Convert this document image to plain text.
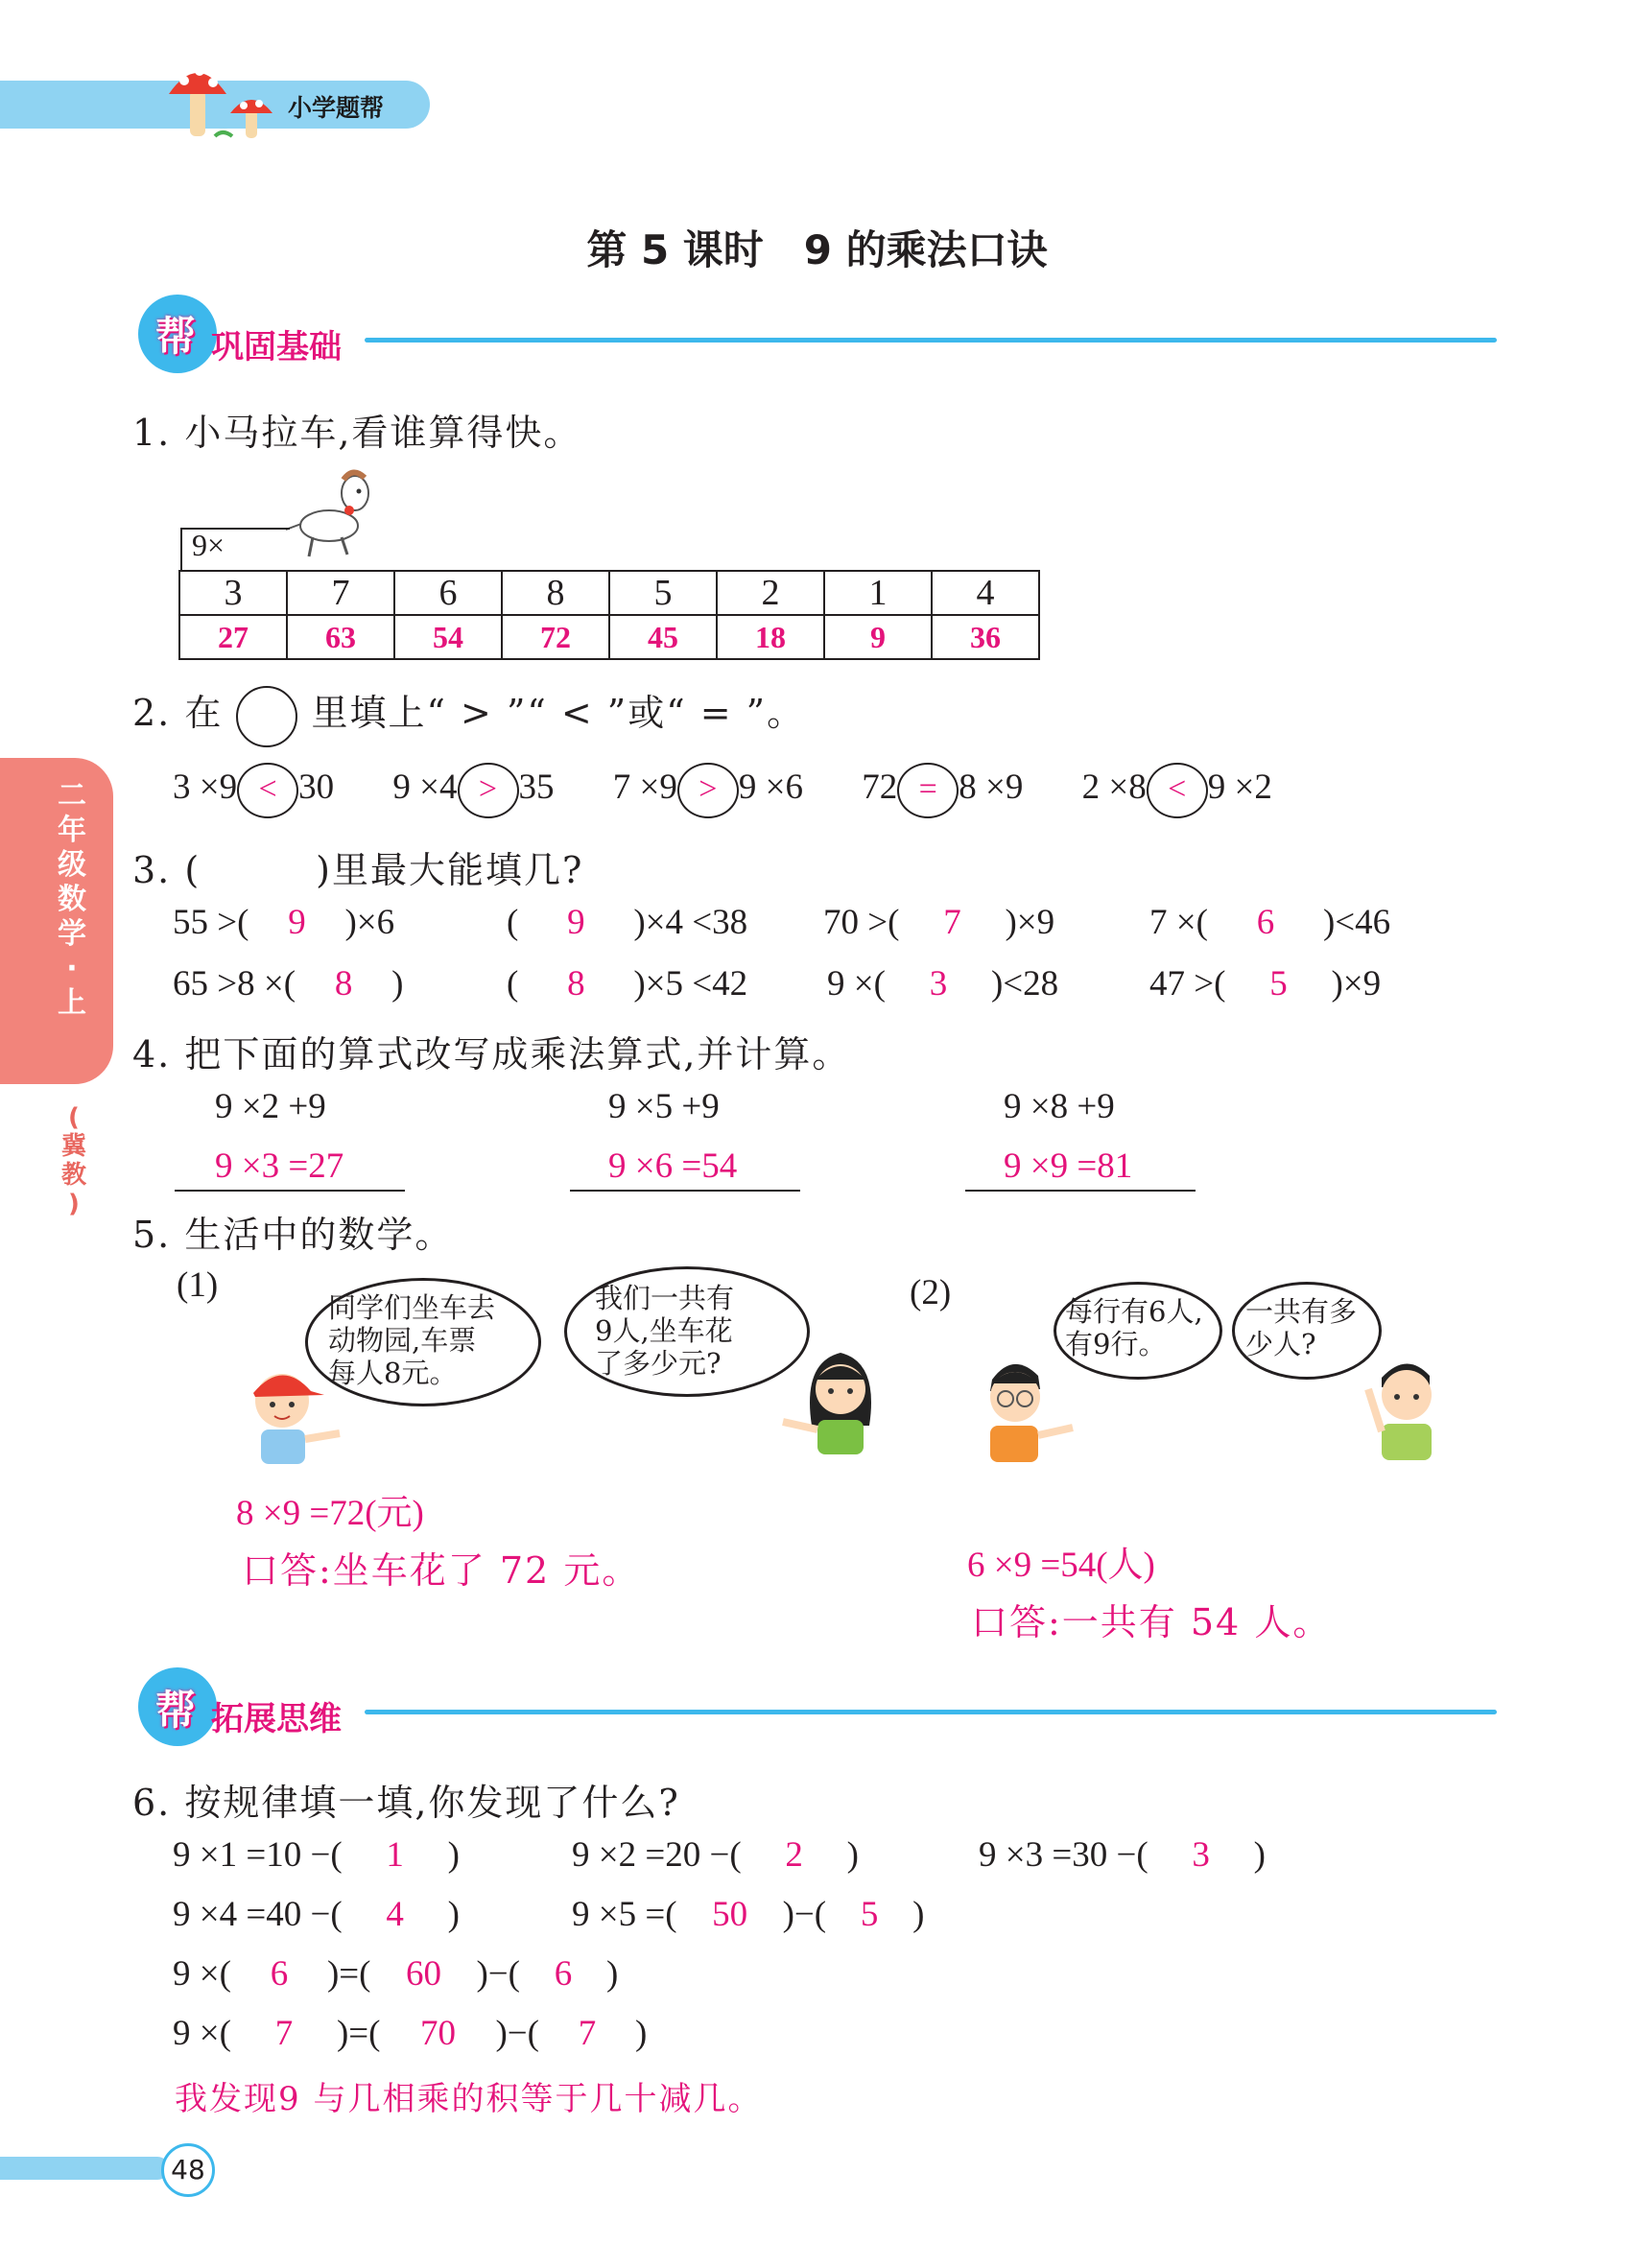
小学题帮
第 5 课时　9 的乘法口诀
帮 巩固基础
1. 小马拉车,看谁算得快。
9×
3	7	6	8	5	2	1	4
27	63	54	72	45	18	9	36
2. 在 里填上“ > ”“ < ”或“ = ”。
3 ×9 < 30 9 ×4 > 35 7 ×9 > 9 ×6 72 = 8 ×9 2 ×8 < 9 ×2
3. (　　　)里最大能填几?
55 >( 9 )×6	( 9 )×4 <38 70 >( 7 )×9	7 ×( 6 )<46
65 >8 ×( 8 )	( 8 )×5 <42 9 ×( 3 )<28	47 >( 5 )×9
4. 把下面的算式改写成乘法算式,并计算。
9 ×2 +9
9 ×3 =27
9 ×5 +9
9 ×6 =54
9 ×8 +9
9 ×9 =81
5. 生活中的数学。
(1)
同学们坐车去
动物园,车票
每人8元。
我们一共有
9人,坐车花
了多少元?
8 ×9 =72(元)
口答:坐车花了 72 元。
(2)	每行有6人,
有9行。
一共有多
少人?
6 ×9 =54(人)
口答:一共有 54 人。
帮 拓展思维
6. 按规律填一填,你发现了什么?
9 ×1 =10 −( 1 )	9 ×2 =20 −( 2 )	9 ×3 =30 −( 3 )
9 ×4 =40 −( 4 )	9 ×5 =( 50 )−( 5 )
9 ×( 6 )=( 60 )−( 6 )
9 ×( 7 )=( 70 )−( 7 )
我发现9 与几相乘的积等于几十减几。
二
年
级
数
学
·
上
(
冀
教
)
48
